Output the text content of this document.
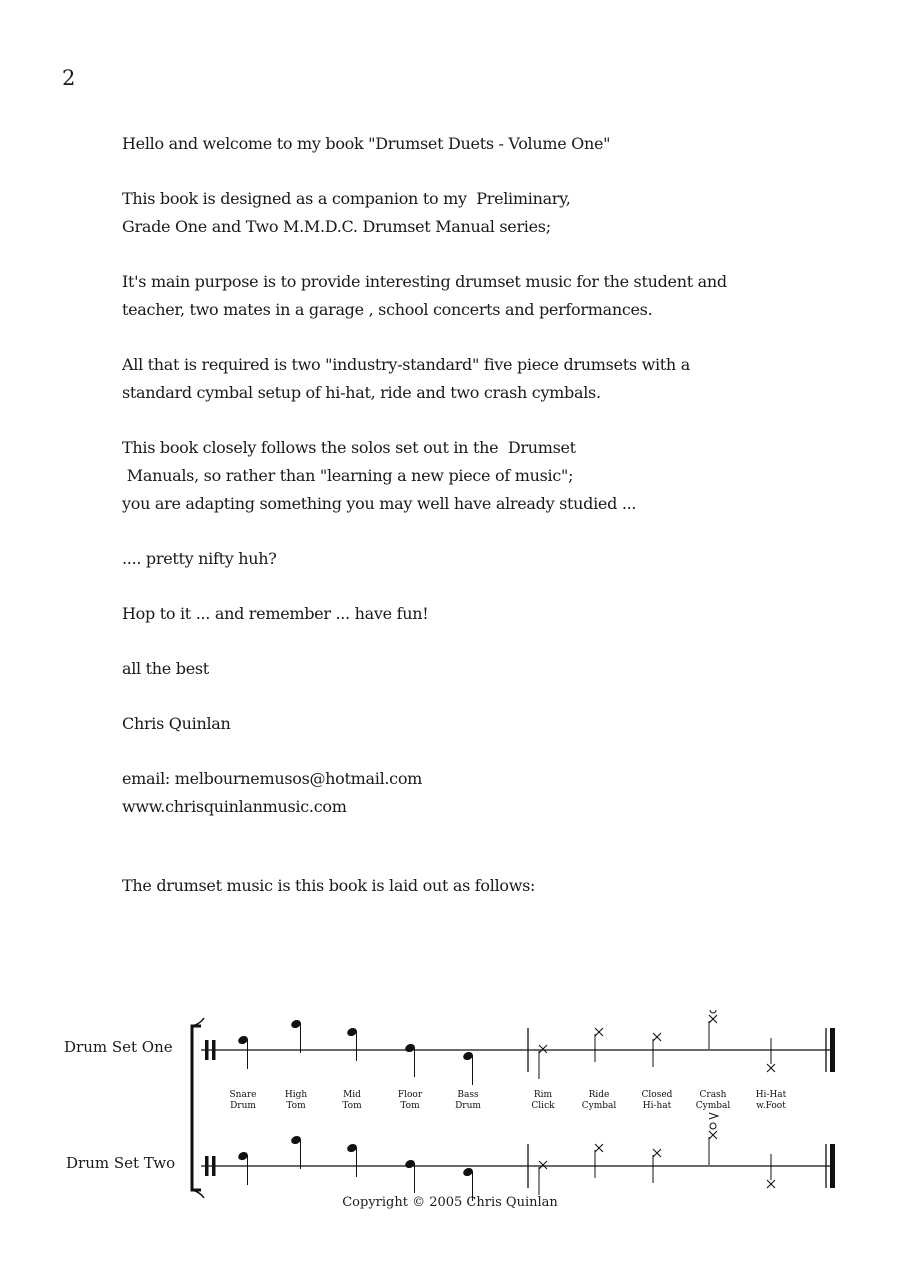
2
Hello and welcome to my book "Drumset Duets - Volume One"
This book is designed as a companion to my  Preliminary,
Grade One and Two M.M.D.C. Drumset Manual series;
It's main purpose is to provide interesting drumset music for the student and
teacher, two mates in a garage , school concerts and performances.
All that is required is two "industry-standard" five piece drumsets with a
standard cymbal setup of hi-hat, ride and two crash cymbals.
This book closely follows the solos set out in the  Drumset
Manuals, so rather than "learning a new piece of music";
you are adapting something you may well have already studied ...
.... pretty nifty huh?
Hop to it ... and remember ... have fun!
all the best
Chris Quinlan
email: melbournemusos@hotmail.com
www.chrisquinlanmusic.com
The drumset music is this book is laid out as follows:
Drum Set One
Drum Set Two
Snare
Drum
High
Tom
Mid
Tom
Floor
Tom
Bass
Drum
Rim
Click
Ride
Cymbal
Closed
Hi-hat
Crash
Cymbal
Hi-Hat
w.Foot
Copyright © 2005 Chris Quinlan
